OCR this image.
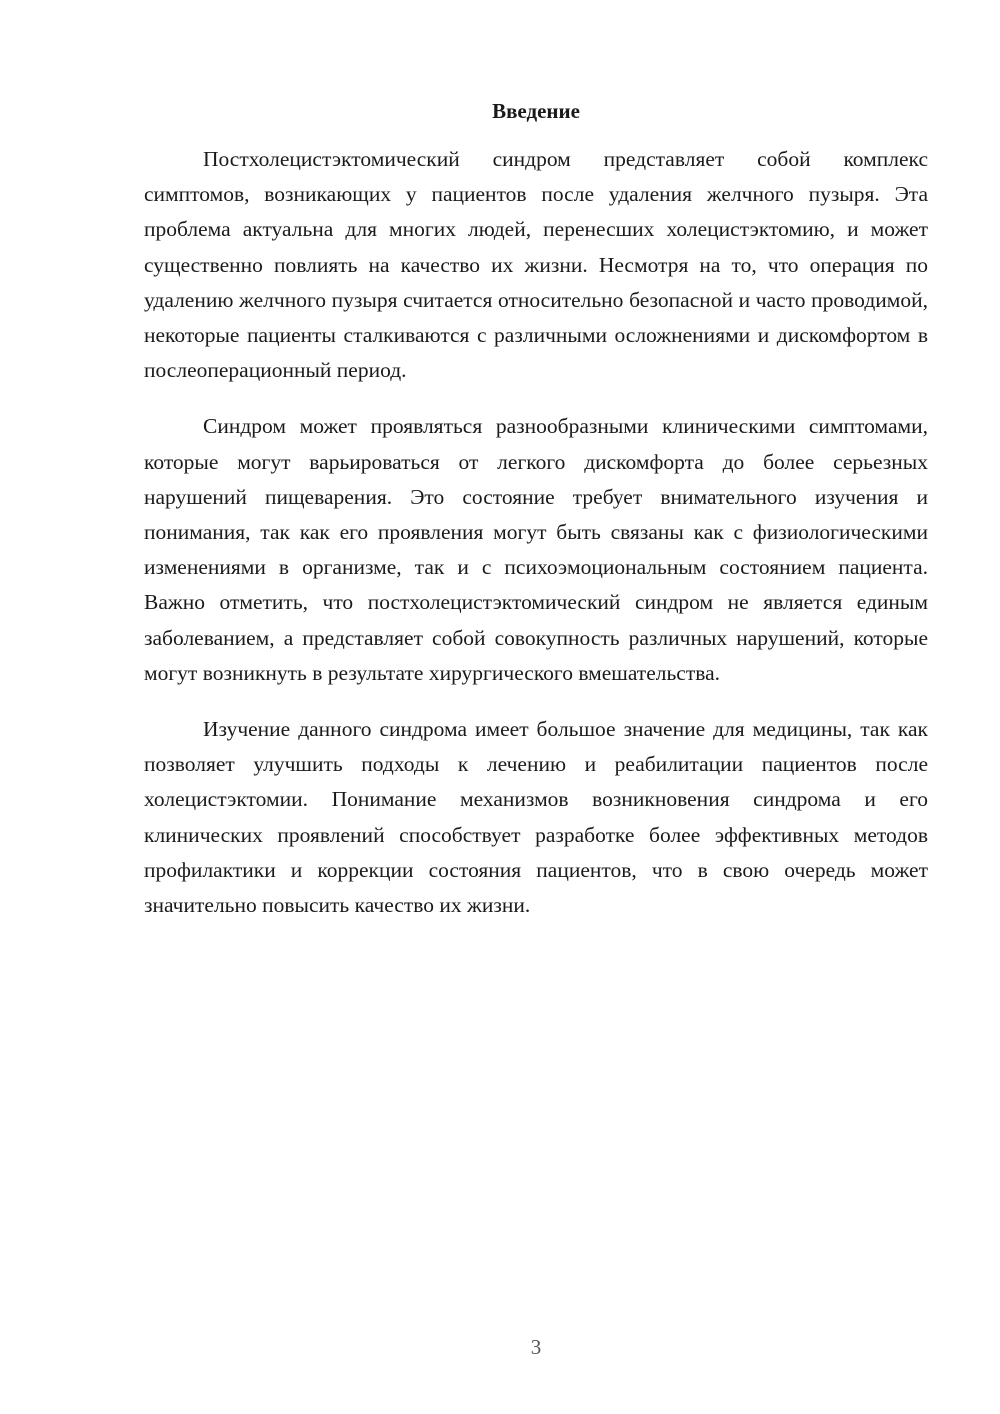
Введение

Постхолецистэктомический синдром представляет собой комплекс симптомов, возникающих у пациентов после удаления желчного пузыря. Эта проблема актуальна для многих людей, перенесших холецистэктомию, и может существенно повлиять на качество их жизни. Несмотря на то, что операция по удалению желчного пузыря считается относительно безопасной и часто проводимой, некоторые пациенты сталкиваются с различными осложнениями и дискомфортом в послеоперационный период.

Синдром может проявляться разнообразными клиническими симптомами, которые могут варьироваться от легкого дискомфорта до более серьезных нарушений пищеварения. Это состояние требует внимательного изучения и понимания, так как его проявления могут быть связаны как с физиологическими изменениями в организме, так и с психоэмоциональным состоянием пациента. Важно отметить, что постхолецистэктомический синдром не является единым заболеванием, а представляет собой совокупность различных нарушений, которые могут возникнуть в результате хирургического вмешательства.

Изучение данного синдрома имеет большое значение для медицины, так как позволяет улучшить подходы к лечению и реабилитации пациентов после холецистэктомии. Понимание механизмов возникновения синдрома и его клинических проявлений способствует разработке более эффективных методов профилактики и коррекции состояния пациентов, что в свою очередь может значительно повысить качество их жизни.

3
